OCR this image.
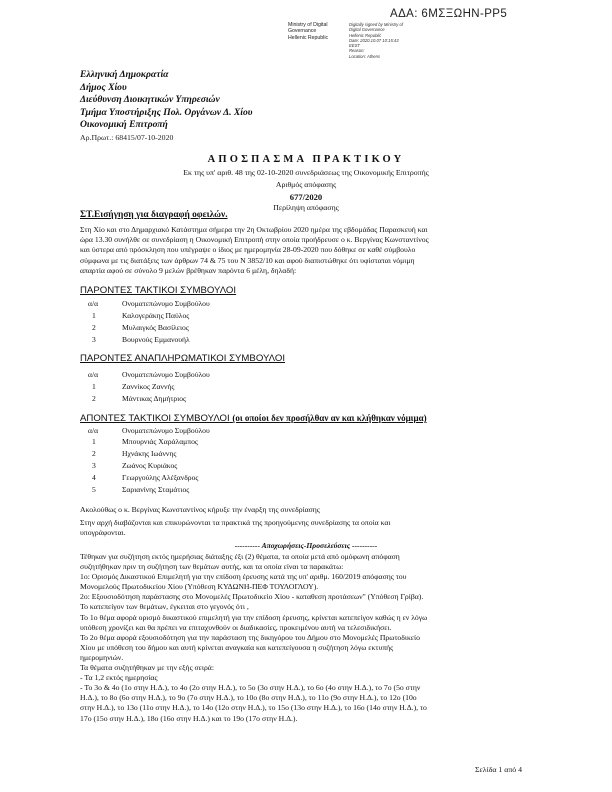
ΑΔΑ: 6ΜΣΞΩΗΝ-PP5
Ministry of Digital
Governance
Hellenic Republic
Digitally signed by Ministry of
Digital Governance
Hellenic Republic
Date: 2020.10.07 10:15:43
EEST
Reason:
Location: Athens
Ελληνική Δημοκρατία
Δήμος Χίου
Διεύθυνση Διοικητικών Υπηρεσιών
Τμήμα Υποστήριξης Πολ. Οργάνων Δ. Χίου
Οικονομική Επιτροπή
Αρ.Πρωτ.: 68415/07-10-2020
ΑΠΟΣΠΑΣΜΑ ΠΡΑΚΤΙΚΟΥ
Εκ της υπ' αριθ. 48 της 02-10-2020 συνεδριάσεως της Οικονομικής Επιτροπής
Αριθμός απόφασης
677/2020
Περίληψη απόφασης
ΣΤ.Εισήγηση για διαγραφή οφειλών.
Στη Χίο και στο Δημαρχιακό Κατάστημα σήμερα την 2η Οκτωβρίου 2020 ημέρα της εβδομάδας Παρασκευή και
ώρα 13.30 συνήλθε σε συνεδρίαση η Οικονομική Επιτροπή στην οποία προήδρευσε ο κ. Βεργίνας Κωνσταντίνος
και ύστερα από πρόσκληση που υπέγραψε ο ίδιος με ημερομηνία 28-09-2020 που δόθηκε σε καθέ σύμβουλο
σύμφωνα με τις διατάξεις των άρθρων 74 & 75 του Ν 3852/10 και αφού διαπιστώθηκε ότι υφίσταται νόμιμη
απαρτία αφού σε σύνολο 9 μελών βρέθηκαν παρόντα 6 μέλη, δηλαδή:
ΠΑΡΟΝΤΕΣ ΤΑΚΤΙΚΟΙ ΣΥΜΒΟΥΛΟΙ
α/α	Ονοματεπώνυμο Συμβούλου
1	Καλογεράκης Παύλος
2	Μυλαιγκός Βασίλειος
3	Βουρνούς Εμμανουήλ
ΠΑΡΟΝΤΕΣ ΑΝΑΠΛΗΡΩΜΑΤΙΚΟΙ ΣΥΜΒΟΥΛΟΙ
α/α	Ονοματεπώνυμο Συμβούλου
1	Ζαννίκος Ζαννής
2	Μάντικας Δημήτριος
ΑΠΟΝΤΕΣ ΤΑΚΤΙΚΟΙ ΣΥΜΒΟΥΛΟΙ (οι οποίοι δεν προσήλθαν αν και κλήθηκαν νόμιμα)
α/α	Ονοματεπώνυμο Συμβούλου
1	Μπουρνιάς Χαράλαμπος
2	Ηχνάκης Ιωάννης
3	Ζωάνος Κυριάκος
4	Γεωργούλης Αλέξανδρος
5	Σαριανίνης Σταμάτιος
Ακολούθως ο κ. Βεργίνας Κωνσταντίνος κήρυξε την έναρξη της συνεδρίασης
Στην αρχή διαβάζονται και επικυρώνονται τα πρακτικά της προηγούμενης συνεδρίασης τα οποία και
υπογράφονται.
---------- Αποχωρήσεις-Προσελεύσεις ----------
Τέθηκαν για συζήτηση εκτός ημερήσιας διάταξης έξι (2) θέματα, τα οποία μετά από ομόφωνη απόφαση
συζητήθηκαν πριν τη συζήτηση των θεμάτων αυτής, και τα οποία είναι τα παρακάτω:
1ο: Ορισμός Δικαστικού Επιμελητή για την επίδοση έρευσης κατά της υπ' αριθμ. 160/2019 απόφασης του
Μονομελούς Πρωτοδικείου Χίου (Υπόθεση ΚΥΔΩΝΗ-ΠΕΦ ΤΟΥΛΟΓΛΟΥ).
2ο: Εξουσιοδότηση παράστασης στο Μονομελές Πρωτοδικείο Χίου - καταθεση προτάσεων" (Υπόθεση Γρίβα).
Το κατεπείγον των θεμάτων, έγκειται στο γεγονός ότι ,
Το 1ο θέμα αφορά ορισμό δικαστικού επιμελητή για την επίδοση έρευσης, κρίνεται κατεπείγον καθώς η εν λόγω
υπόθεση χρονίζει και θα πρέπει να επιταχυνθούν οι διαδικασίες, προκειμένου αυτή να τελεσιδικήσει.
Το 2ο θέμα αφορά εξουσιοδότηση για την παράσταση της δικηγόρου του Δήμου στο Μονομελές Πρωτοδικείο
Χίου με υπόθεση του δήμου και αυτή κρίνεται αναγκαία και κατεπείγουσα η συζήτηση λόγω εκτυπής
ημερομηνιών.
Τα θέματα συζητήθηκαν με την εξής σειρά:
- Τα 1,2 εκτός ημερησίας
- Το 3ο & 4ο (1ο στην Η.Δ.), το 4ο (2ο στην Η.Δ.), το 5ο (3ο στην Η.Δ.), το 6ο (4ο στην Η.Δ.), το 7ο (5ο στην
Η.Δ.), το 8ο (6ο στην Η.Δ.), το 9ο (7ο στην Η.Δ.), το 10ο (8ο στην Η.Δ.), το 11ο (9ο στην Η.Δ.), το 12ο (10ο
στην Η.Δ.), το 13ο (11ο στην Η.Δ.), το 14ο (12ο στην Η.Δ.), το 15ο (13ο στην Η.Δ.), το 16ο (14ο στην Η.Δ.), το
17ο (15ο στην Η.Δ.), 18ο (16ο στην Η.Δ.) και το 19ο (17ο στην Η.Δ.).
Σελίδα 1 από 4
